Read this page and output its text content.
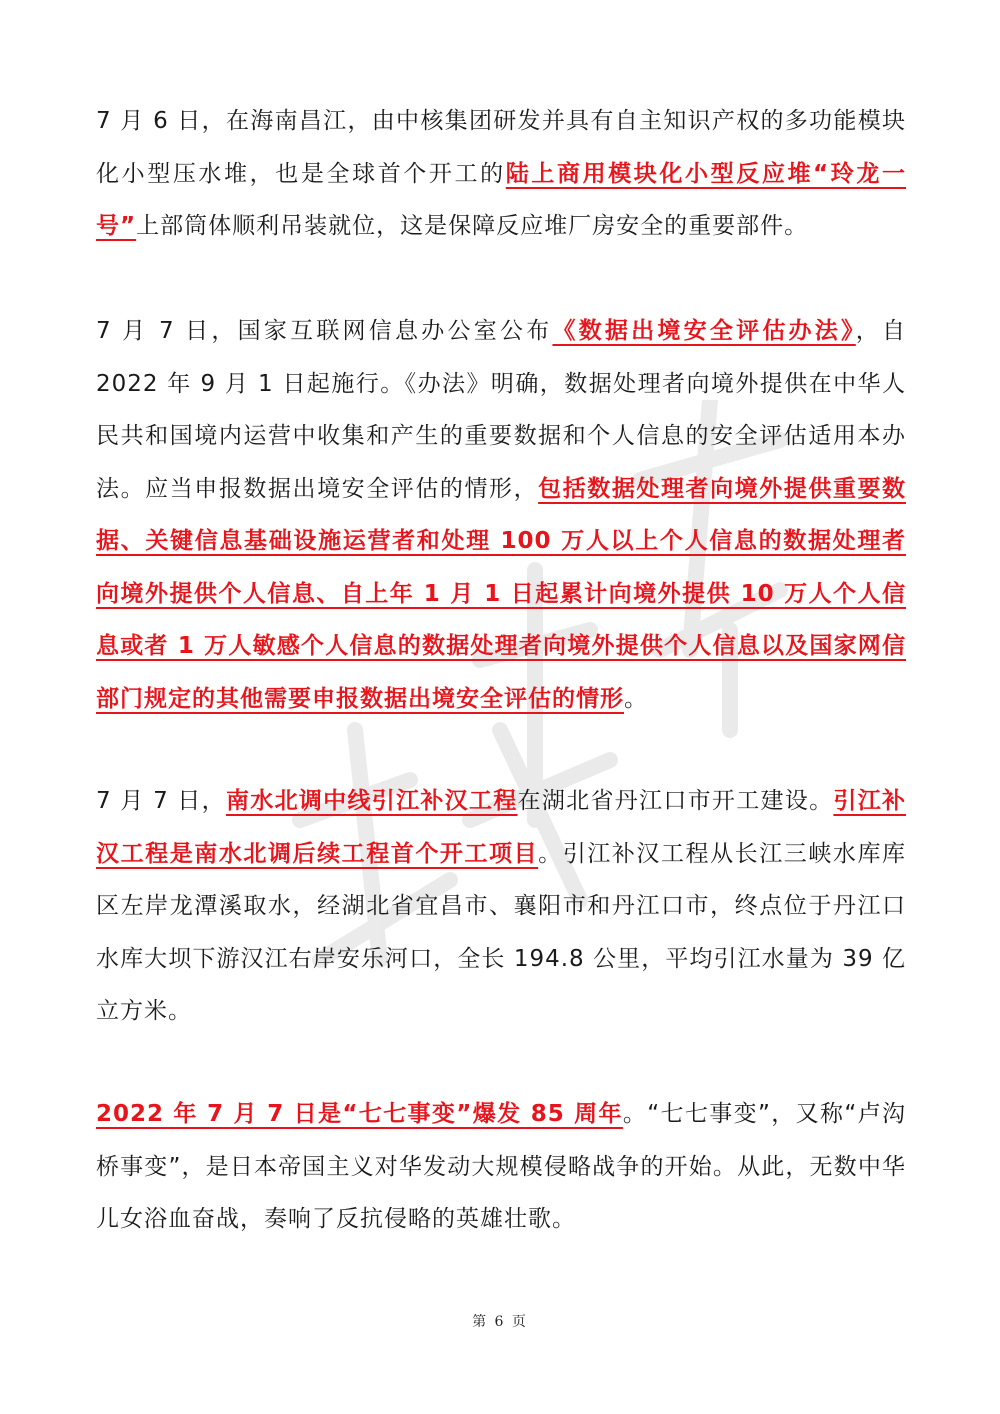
7 月 6 日，在海南昌江，由中核集团研发并具有自主知识产权的多功能模块化小型压水堆，也是全球首个开工的陆上商用模块化小型反应堆“玲龙一号”上部筒体顺利吊装就位，这是保障反应堆厂房安全的重要部件。

7 月 7 日，国家互联网信息办公室公布《数据出境安全评估办法》，自 2022 年 9 月 1 日起施行。《办法》明确，数据处理者向境外提供在中华人民共和国境内运营中收集和产生的重要数据和个人信息的安全评估适用本办法。应当申报数据出境安全评估的情形，包括数据处理者向境外提供重要数据、关键信息基础设施运营者和处理 100 万人以上个人信息的数据处理者向境外提供个人信息、自上年 1 月 1 日起累计向境外提供 10 万人个人信息或者 1 万人敏感个人信息的数据处理者向境外提供个人信息以及国家网信部门规定的其他需要申报数据出境安全评估的情形。

7 月 7 日，南水北调中线引江补汉工程在湖北省丹江口市开工建设。引江补汉工程是南水北调后续工程首个开工项目。引江补汉工程从长江三峡水库库区左岸龙潭溪取水，经湖北省宜昌市、襄阳市和丹江口市，终点位于丹江口水库大坝下游汉江右岸安乐河口，全长 194.8 公里，平均引江水量为 39 亿立方米。

2022 年 7 月 7 日是“七七事变”爆发 85 周年。“七七事变”，又称“卢沟桥事变”，是日本帝国主义对华发动大规模侵略战争的开始。从此，无数中华儿女浴血奋战，奏响了反抗侵略的英雄壮歌。

第 6 页
